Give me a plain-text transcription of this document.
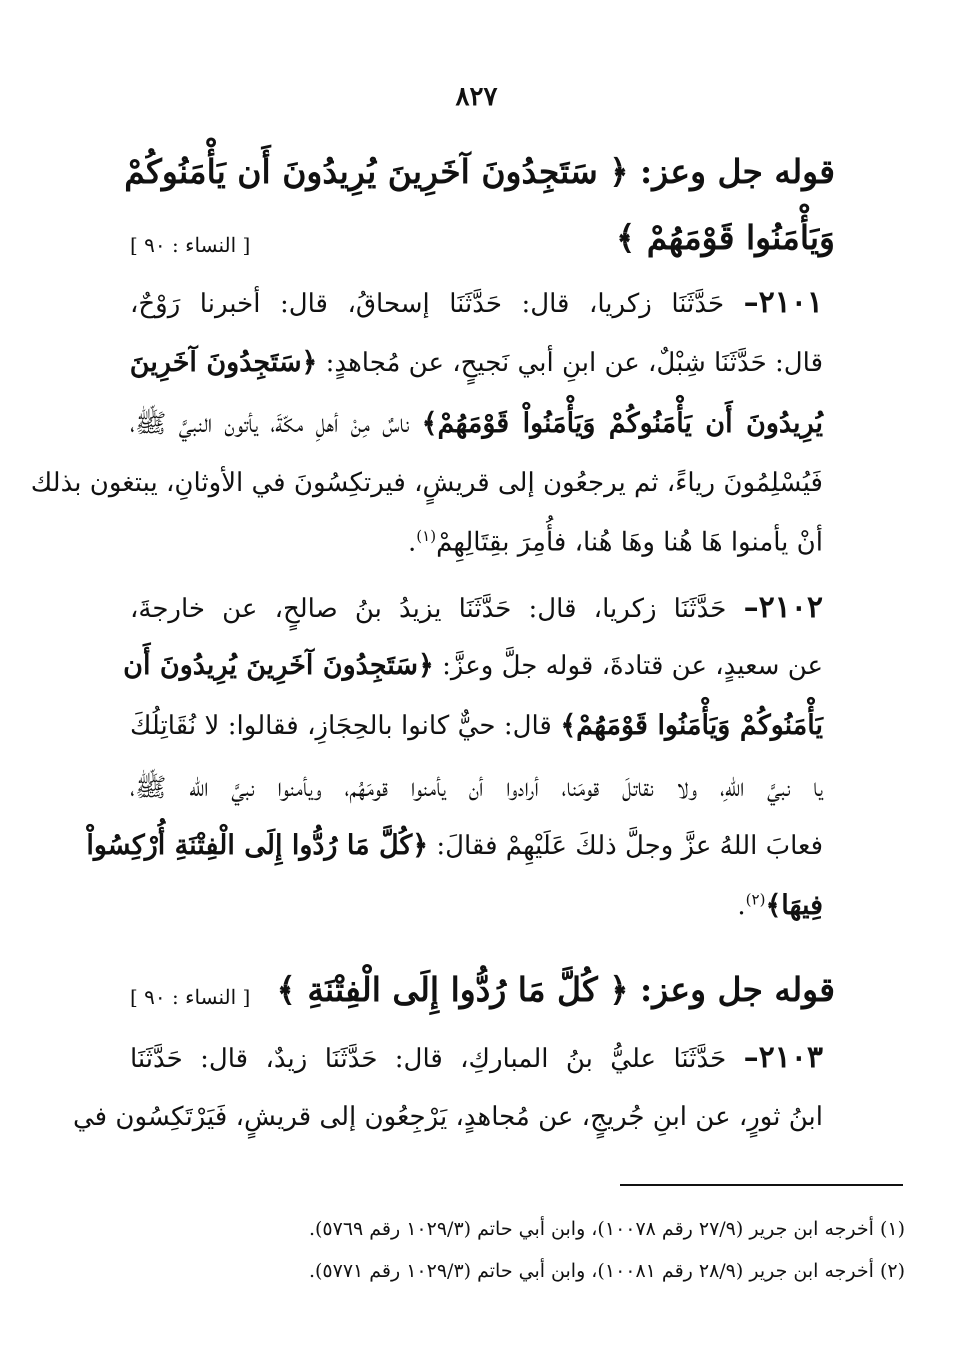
٨٢٧
قوله جل وعز: ﴿ سَتَجِدُونَ آخَرِينَ يُرِيدُونَ أَن يَأْمَنُوكُمْ
وَيَأْمَنُوا قَوْمَهُمْ ﴾
[ النساء : ٩٠ ]
٢١٠١– حَدَّثَنَا زكريا، قال: حَدَّثَنَا إسحاقُ، قال: أخبرنا رَوْحٌ،
قال: حَدَّثَنَا شِبْلٌ، عن ابنِ أبي نَجيحٍ، عن مُجاهدٍ: ﴿سَتَجِدُونَ آخَرِينَ
يُرِيدُونَ أَن يَأْمَنُوكُمْ وَيَأْمَنُواْ قَوْمَهُمْ﴾ ناسٌ مِنْ أهلِ مكّةَ، يأتون النبيَّ ﷺ،
فَيُسْلِمُونَ رياءً، ثم يرجعُون إلى قريشٍ، فيرتكِسُونَ في الأوثانِ، يبتغون بذلك
أنْ يأمنوا هَا هُنا وهَا هُنا، فأُمِرَ بقِتَالِهِمْ$^{(١)}$.
٢١٠٢– حَدَّثَنَا زكريا، قال: حَدَّثَنَا يزيدُ بنُ صالحٍ، عن خارجةَ،
عن سعيدٍ، عن قتادةَ، قوله جلَّ وعزَّ: ﴿سَتَجِدُونَ آخَرِينَ يُرِيدُونَ أَن
يَأْمَنُوكُمْ وَيَأْمَنُوا قَوْمَهُمْ﴾ قال: حيٌّ كانوا بالحِجَازِ، فقالوا: لا نُقَاتِلُكَ
يا نبيَّ اللهِ، ولا نقاتلَ قومَنا، أرادوا أن يأمنوا قومَهُم، ويأمنوا نبيَّ الله ﷺ،
فعابَ اللهُ عزَّ وجلَّ ذلكَ عَلَيْهِمْ فقالَ: ﴿كُلَّ مَا رُدُّوا إِلَى الْفِتْنَةِ أُرْكِسُواْ
فِيهَا﴾$^{(٢)}$.
قوله جل وعز: ﴿ كُلَّ مَا رُدُّوا إِلَى الْفِتْنَةِ ﴾
[ النساء : ٩٠ ]
٢١٠٣– حَدَّثَنَا عليُّ بنُ المباركِ، قال: حَدَّثَنَا زيدٌ، قال: حَدَّثَنَا
ابنُ ثورٍ، عن ابنِ جُريجٍ، عن مُجاهدٍ، يَرْجِعُون إلى قريشٍ، فَيَرْتَكِسُون في
(١) أخرجه ابن جرير (٢٧/٩ رقم ١٠٠٧٨)، وابن أبي حاتم (١٠٢٩/٣ رقم ٥٧٦٩).
(٢) أخرجه ابن جرير (٢٨/٩ رقم ١٠٠٨١)، وابن أبي حاتم (١٠٢٩/٣ رقم ٥٧٧١).
